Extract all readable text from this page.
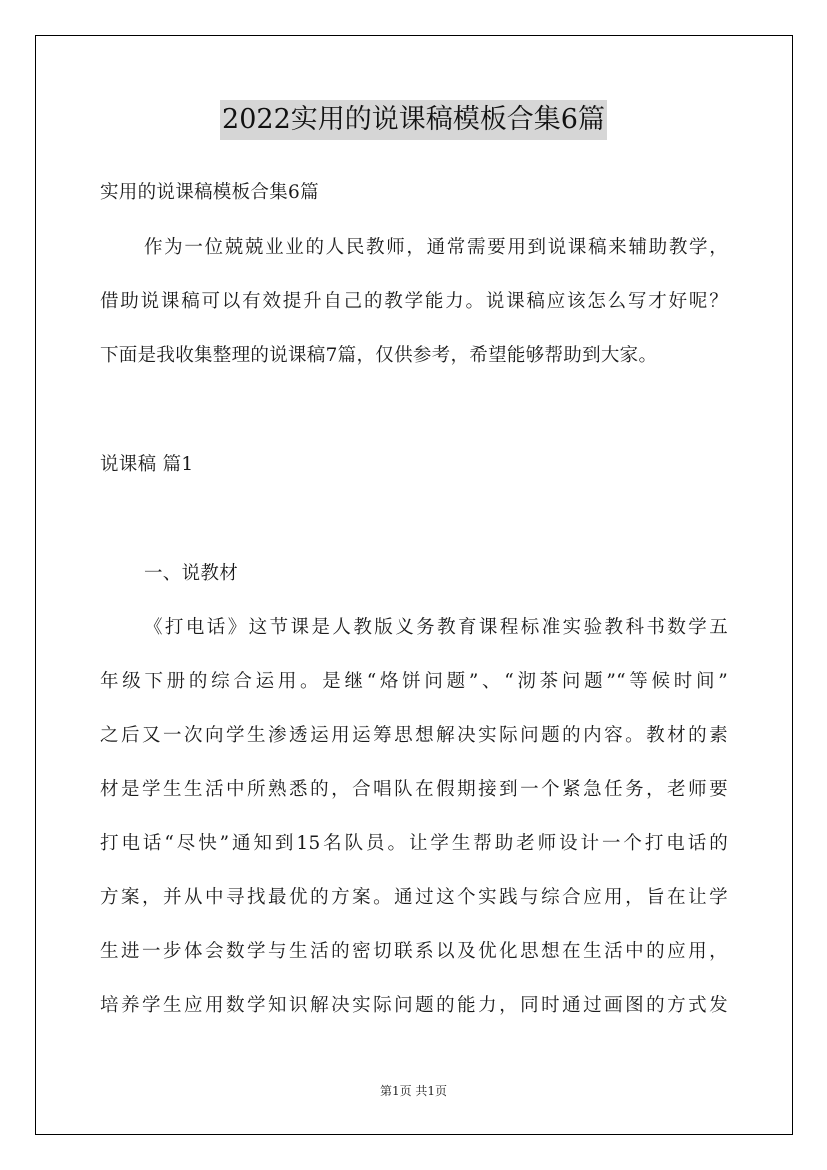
2022实用的说课稿模板合集6篇
实用的说课稿模板合集6篇
作为一位兢兢业业的人民教师，通常需要用到说课稿来辅助教学，
借助说课稿可以有效提升自己的教学能力。说课稿应该怎么写才好呢？
下面是我收集整理的说课稿7篇，仅供参考，希望能够帮助到大家。
说课稿 篇1
一、说教材
《打电话》这节课是人教版义务教育课程标准实验教科书数学五
年级下册的综合运用。是继“烙饼问题”、“沏茶问题”“等候时间”
之后又一次向学生渗透运用运筹思想解决实际问题的内容。教材的素
材是学生生活中所熟悉的，合唱队在假期接到一个紧急任务，老师要
打电话“尽快”通知到15名队员。让学生帮助老师设计一个打电话的
方案，并从中寻找最优的方案。通过这个实践与综合应用，旨在让学
生进一步体会数学与生活的密切联系以及优化思想在生活中的应用，
培养学生应用数学知识解决实际问题的能力，同时通过画图的方式发
第1页 共1页
